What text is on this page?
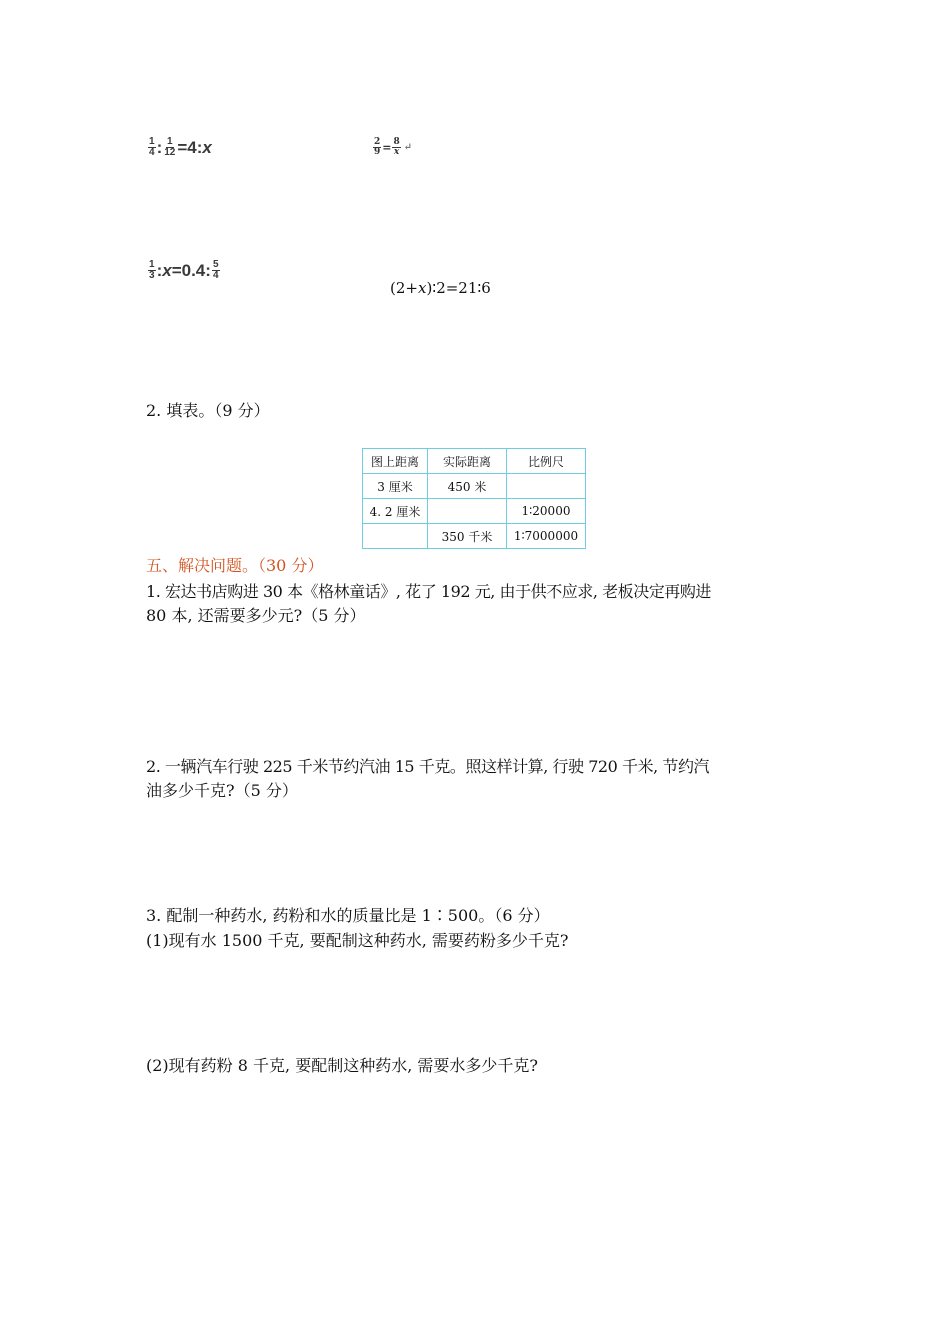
$\frac{1}{4}$ : $\frac{1}{12} =4$: x	$\frac{2}{9} = \frac{8}{x}$ ↵
$\frac{1}{3}$ : x =0.4: $\frac{5}{4}$
(2+x)∶2=21∶6
2. 填表。（9 分）
图上距离	实际距离	比例尺
3 厘米	450 米	
4. 2 厘米		1∶20000
	350 千米	1∶7000000
五、解决问题。（30 分）
1. 宏达书店购进 30 本《格林童话》, 花了 192 元, 由于供不应求, 老板决定再购进
80 本, 还需要多少元?（5 分）
2. 一辆汽车行驶 225 千米节约汽油 15 千克。照这样计算, 行驶 720 千米, 节约汽
油多少千克?（5 分）
3. 配制一种药水, 药粉和水的质量比是 1∶500。（6 分）
(1)现有水 1500 千克, 要配制这种药水, 需要药粉多少千克?
(2)现有药粉 8 千克, 要配制这种药水, 需要水多少千克?
